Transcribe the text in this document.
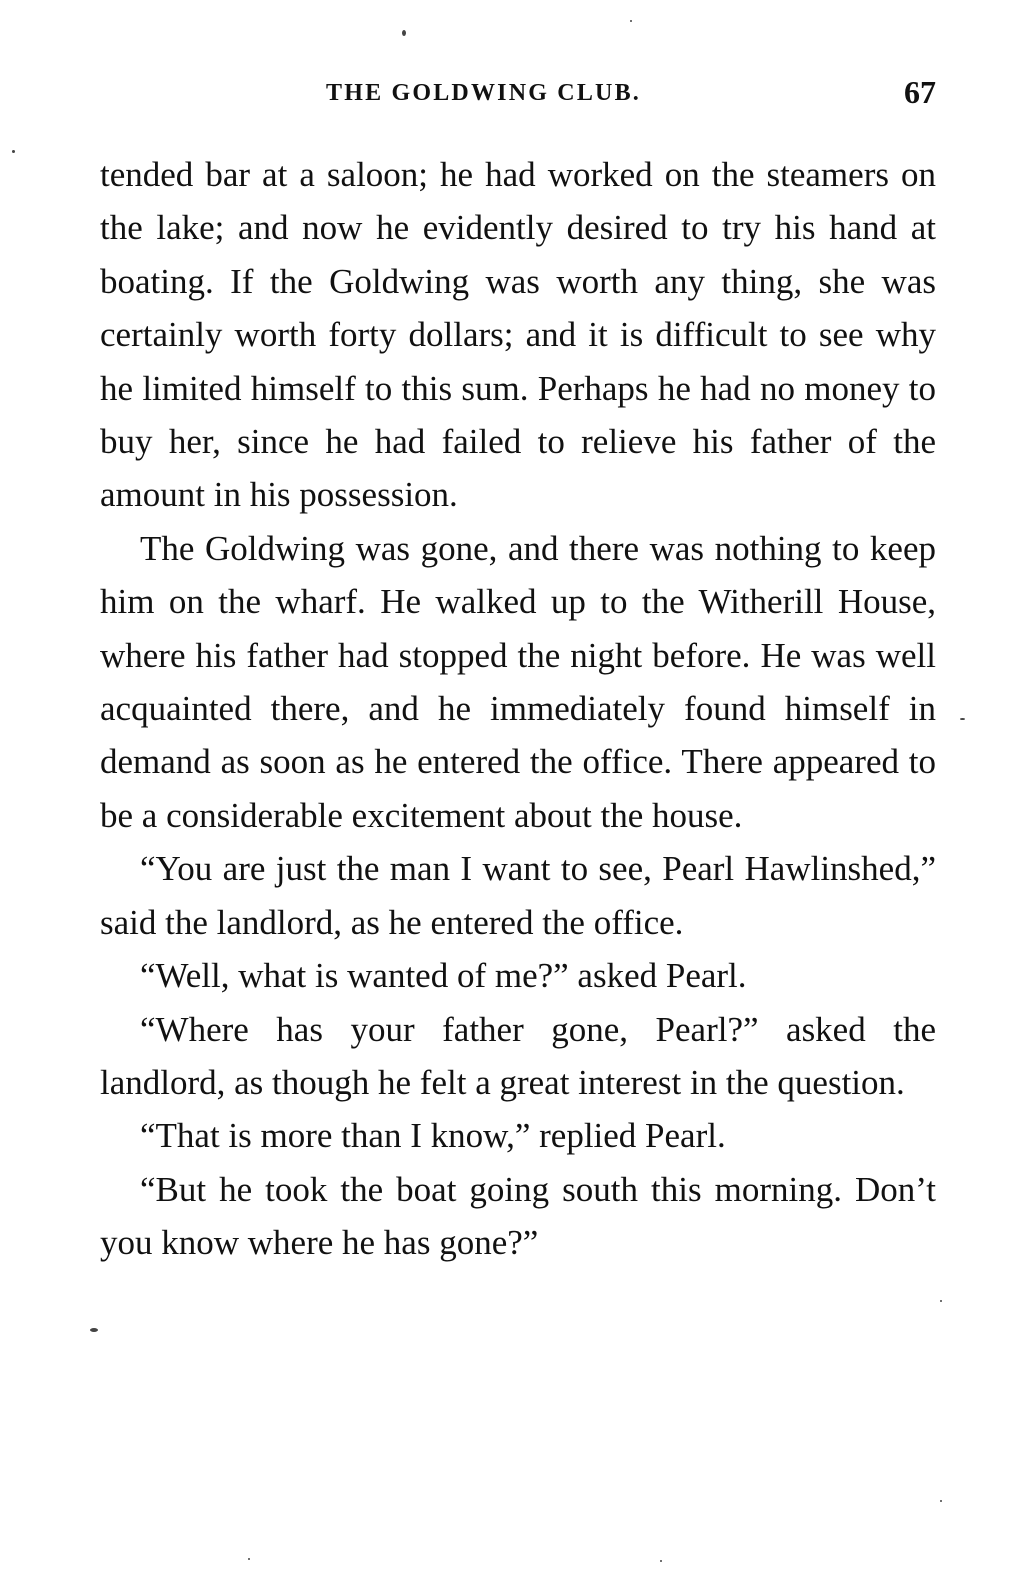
THE GOLDWING CLUB.	67

tended bar at a saloon; he had worked on the steamers on the lake; and now he evidently desired to try his hand at boating. If the Goldwing was worth any thing, she was certainly worth forty dollars; and it is difficult to see why he limited himself to this sum. Perhaps he had no money to buy her, since he had failed to relieve his father of the amount in his possession.

The Goldwing was gone, and there was nothing to keep him on the wharf. He walked up to the Witherill House, where his father had stopped the night before. He was well acquainted there, and he immediately found himself in demand as soon as he entered the office. There appeared to be a considerable excitement about the house.

“You are just the man I want to see, Pearl Hawlinshed,” said the landlord, as he entered the office.

“Well, what is wanted of me?” asked Pearl.

“Where has your father gone, Pearl?” asked the landlord, as though he felt a great interest in the question.

“That is more than I know,” replied Pearl.

“But he took the boat going south this morning. Don’t you know where he has gone?”
